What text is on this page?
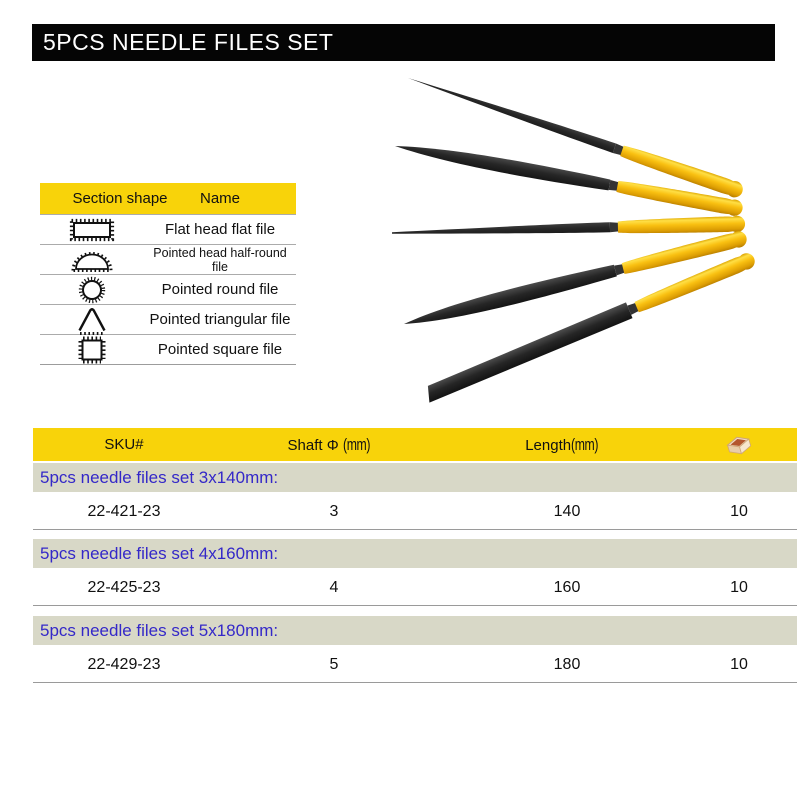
5PCS NEEDLE FILES SET
Section shape	Name
Flat head flat file
Pointed head half-round file
Pointed round file
Pointed triangular file
Pointed square file
SKU#	Shaft Φ (mm)	Length(mm)
5pcs needle files set 3x140mm:
22-421-23	3	140	10
5pcs needle files set 4x160mm:
22-425-23	4	160	10
5pcs needle files set 5x180mm:
22-429-23	5	180	10
